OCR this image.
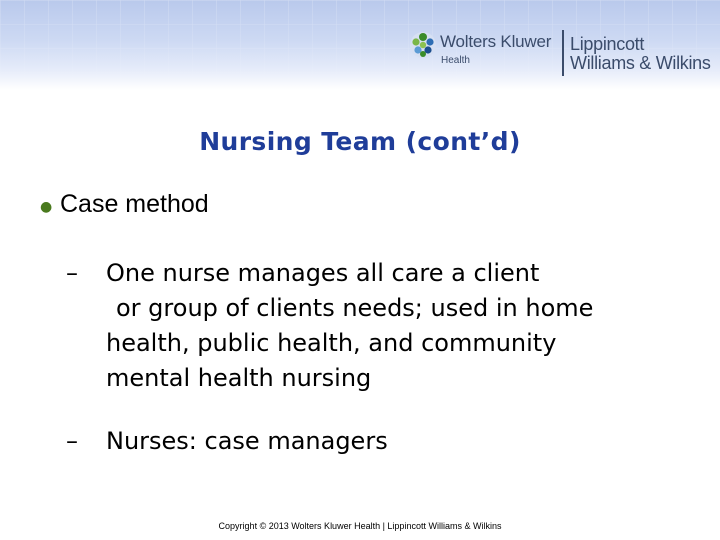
Wolters Kluwer
Health
Lippincott
Williams & Wilkins
Nursing Team (cont’d)
● Case method
– One nurse manages all care a client
or group of clients needs; used in home
health, public health, and community
mental health nursing
– Nurses: case managers
Copyright © 2013 Wolters Kluwer Health | Lippincott Williams & Wilkins
